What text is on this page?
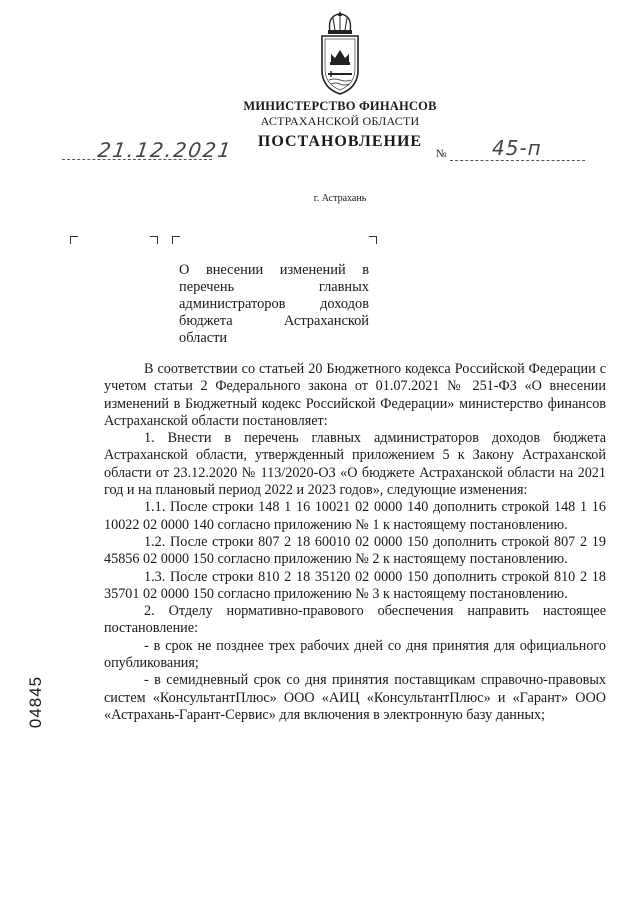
МИНИСТЕРСТВО ФИНАНСОВ
АСТРАХАНСКОЙ ОБЛАСТИ
ПОСТАНОВЛЕНИЕ
21.12.2021	№ 45-п
г. Астрахань
О внесении изменений в перечень главных администраторов доходов бюджета Астраханской области

В соответствии со статьей 20 Бюджетного кодекса Российской Федерации с учетом статьи 2 Федерального закона от 01.07.2021 № 251-ФЗ «О внесении изменений в Бюджетный кодекс Российской Федерации» министерство финансов Астраханской области постановляет:

1. Внести в перечень главных администраторов доходов бюджета Астраханской области, утвержденный приложением 5 к Закону Астраханской области от 23.12.2020 № 113/2020-ОЗ «О бюджете Астраханской области на 2021 год и на плановый период 2022 и 2023 годов», следующие изменения:

1.1. После строки 148 1 16 10021 02 0000 140 дополнить строкой 148 1 16 10022 02 0000 140 согласно приложению № 1 к настоящему постановлению.

1.2. После строки 807 2 18 60010 02 0000 150 дополнить строкой 807 2 19 45856 02 0000 150 согласно приложению № 2 к настоящему постановлению.

1.3. После строки 810 2 18 35120 02 0000 150 дополнить строкой 810 2 18 35701 02 0000 150 согласно приложению № 3 к настоящему постановлению.

2. Отделу нормативно-правового обеспечения направить настоящее постановление:

- в срок не позднее трех рабочих дней со дня принятия для официального опубликования;

- в семидневный срок со дня принятия поставщикам справочно-правовых систем «КонсультантПлюс» ООО «АИЦ «КонсультантПлюс» и «Гарант» ООО «Астрахань-Гарант-Сервис» для включения в электронную базу данных;

04845
